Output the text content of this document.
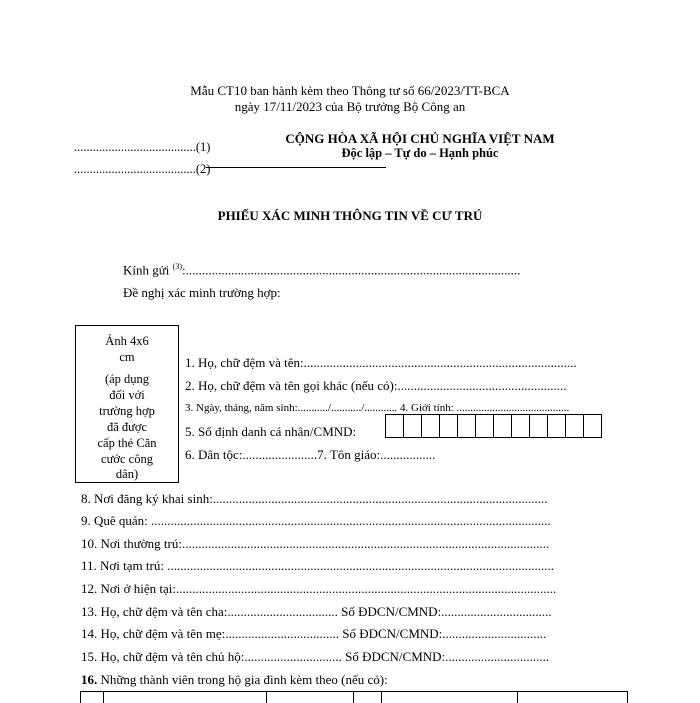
Mẫu CT10 ban hành kèm theo Thông tư số 66/2023/TT-BCA
ngày 17/11/2023 của Bộ trưởng Bộ Công an
.......................................(1)
.......................................(2)
CỘNG HÒA XÃ HỘI CHỦ NGHĨA VIỆT NAM
Độc lập – Tự do – Hạnh phúc
PHIẾU XÁC MINH THÔNG TIN VỀ CƯ TRÚ
Kính gửi $^{(3)}$:.......................................................................................................
Đề nghị xác minh trường hợp:
Ảnh 4x6
cm
(áp dụng
đối với
trường hợp
đã được
cấp thẻ Căn
cước công
dân)
1. Họ, chữ đệm và tên:....................................................................................
2. Họ, chữ đệm và tên gọi khác (nếu có):....................................................
3. Ngày, tháng, năm sinh:.........../.........../............ 4. Giới tính: .........................................
5. Số định danh cá nhân/CMND:
6. Dân tộc:.......................7. Tôn giáo:.................
8. Nơi đăng ký khai sinh:.......................................................................................................
9. Quê quán: ...........................................................................................................................
10. Nơi thường trú:.................................................................................................................
11. Nơi tạm trú: .......................................................................................................................
12. Nơi ở hiện tại:.....................................................................................................................
13. Họ, chữ đệm và tên cha:.................................. Số ĐDCN/CMND:..................................
14. Họ, chữ đệm và tên mẹ:................................... Số ĐDCN/CMND:................................
15. Họ, chữ đệm và tên chủ hộ:.............................. Số ĐDCN/CMND:................................
16. Những thành viên trong hộ gia đình kèm theo (nếu có):
